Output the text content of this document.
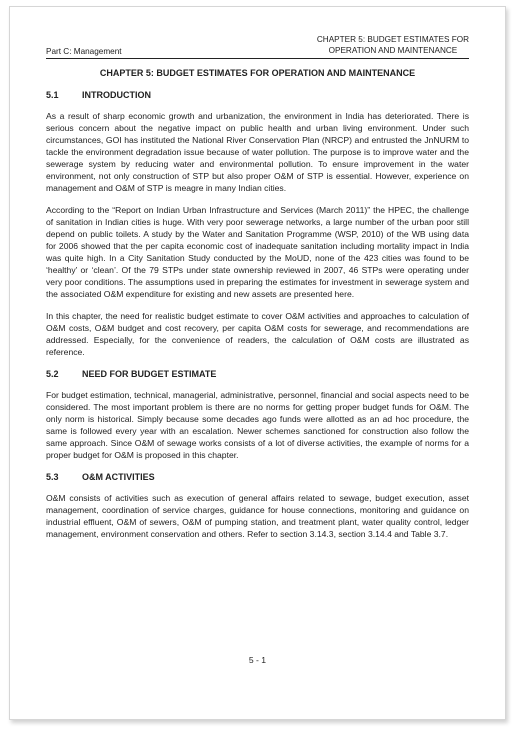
Part C: Management
CHAPTER 5: BUDGET ESTIMATES FOR
OPERATION AND MAINTENANCE
CHAPTER 5: BUDGET ESTIMATES FOR OPERATION AND MAINTENANCE
5.1	INTRODUCTION

As a result of sharp economic growth and urbanization, the environment in India has deteriorated. There is serious concern about the negative impact on public health and urban living environment. Under such circumstances, GOI has instituted the National River Conservation Plan (NRCP) and entrusted the JnNURM to tackle the environment degradation issue because of water pollution. The purpose is to improve water and the sewerage system by reducing water and environmental pollution. To ensure improvement in the water environment, not only construction of STP but also proper O&M of STP is essential. However, experience on management and O&M of STP is meagre in many Indian cities.

According to the “Report on Indian Urban Infrastructure and Services (March 2011)” the HPEC, the challenge of sanitation in Indian cities is huge. With very poor sewerage networks, a large number of the urban poor still depend on public toilets. A study by the Water and Sanitation Programme (WSP, 2010) of the WB using data for 2006 showed that the per capita economic cost of inadequate sanitation including mortality impact in India was quite high. In a City Sanitation Study conducted by the MoUD, none of the 423 cities was found to be ‘healthy’ or ‘clean’. Of the 79 STPs under state ownership reviewed in 2007, 46 STPs were operating under very poor conditions. The assumptions used in preparing the estimates for investment in sewerage system and the associated O&M expenditure for existing and new assets are presented here.

In this chapter, the need for realistic budget estimate to cover O&M activities and approaches to calculation of O&M costs, O&M budget and cost recovery, per capita O&M costs for sewerage, and recommendations are addressed. Especially, for the convenience of readers, the calculation of O&M costs are illustrated as reference.

5.2	NEED FOR BUDGET ESTIMATE

For budget estimation, technical, managerial, administrative, personnel, financial and social aspects need to be considered. The most important problem is there are no norms for getting proper budget funds for O&M. The only norm is historical. Simply because some decades ago funds were allotted as an ad hoc procedure, the same is followed every year with an escalation. Newer schemes sanctioned for construction also follow the same approach. Since O&M of sewage works consists of a lot of diverse activities, the example of norms for a proper budget for O&M is proposed in this chapter.

5.3	O&M ACTIVITIES

O&M consists of activities such as execution of general affairs related to sewage, budget execution, asset management, coordination of service charges, guidance for house connections, monitoring and guidance on industrial effluent, O&M of sewers, O&M of pumping station, and treatment plant, water quality control, ledger management, environment conservation and others. Refer to section 3.14.3, section 3.14.4 and Table 3.7.

5 - 1
